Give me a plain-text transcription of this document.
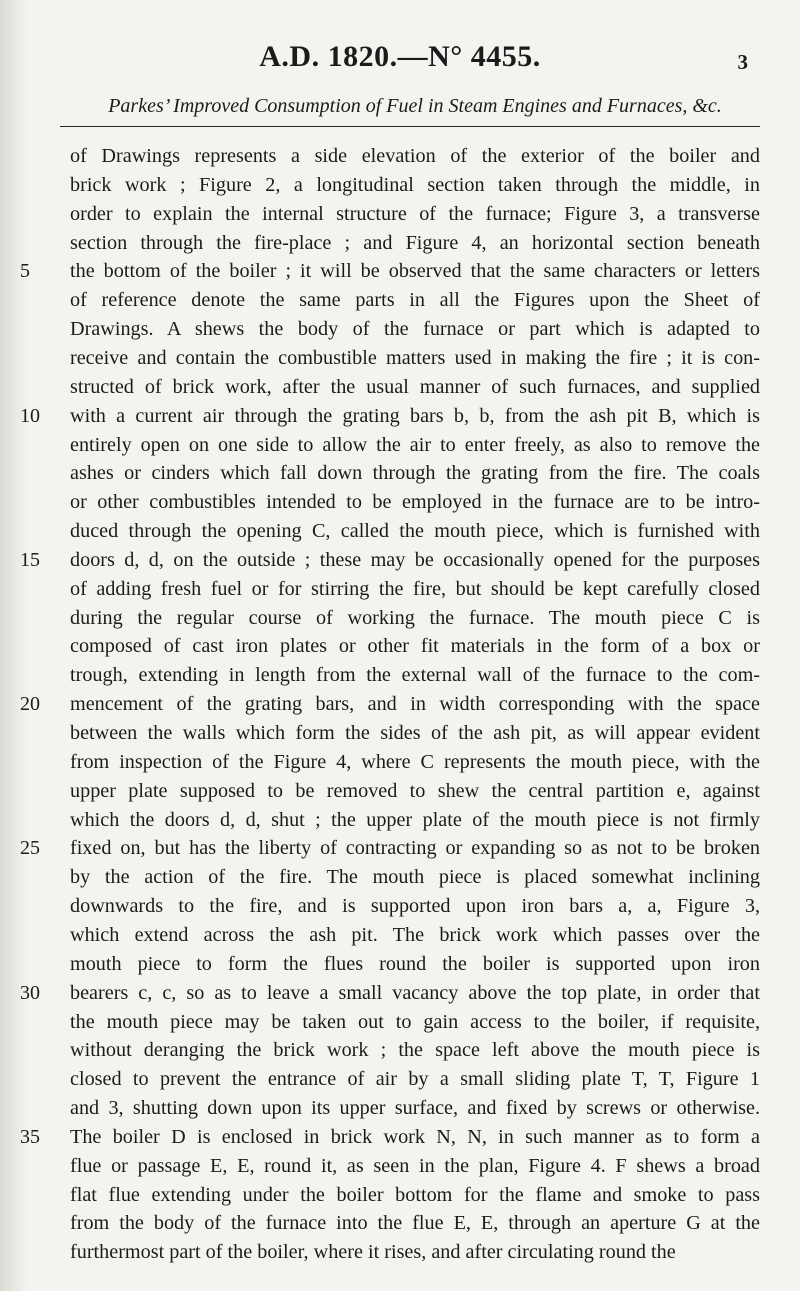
A.D. 1820.—N° 4455.	3
Parkes’ Improved Consumption of Fuel in Steam Engines and Furnaces, &c.
of Drawings represents a side elevation of the exterior of the boiler and
brick work ; Figure 2, a longitudinal section taken through the middle, in
order to explain the internal structure of the furnace; Figure 3, a transverse
section through the fire-place ; and Figure 4, an horizontal section beneath
the bottom of the boiler ; it will be observed that the same characters or letters
5
of reference denote the same parts in all the Figures upon the Sheet of
Drawings. A shews the body of the furnace or part which is adapted to
receive and contain the combustible matters used in making the fire ; it is con-
structed of brick work, after the usual manner of such furnaces, and supplied
with a current air through the grating bars b, b, from the ash pit B, which is
10
entirely open on one side to allow the air to enter freely, as also to remove the
ashes or cinders which fall down through the grating from the fire. The coals
or other combustibles intended to be employed in the furnace are to be intro-
duced through the opening C, called the mouth piece, which is furnished with
doors d, d, on the outside ; these may be occasionally opened for the purposes
15
of adding fresh fuel or for stirring the fire, but should be kept carefully closed
during the regular course of working the furnace. The mouth piece C is
composed of cast iron plates or other fit materials in the form of a box or
trough, extending in length from the external wall of the furnace to the com-
mencement of the grating bars, and in width corresponding with the space
20
between the walls which form the sides of the ash pit, as will appear evident
from inspection of the Figure 4, where C represents the mouth piece, with the
upper plate supposed to be removed to shew the central partition e, against
which the doors d, d, shut ; the upper plate of the mouth piece is not firmly
fixed on, but has the liberty of contracting or expanding so as not to be broken
25
by the action of the fire. The mouth piece is placed somewhat inclining
downwards to the fire, and is supported upon iron bars a, a, Figure 3,
which extend across the ash pit. The brick work which passes over the
mouth piece to form the flues round the boiler is supported upon iron
bearers c, c, so as to leave a small vacancy above the top plate, in order that
30
the mouth piece may be taken out to gain access to the boiler, if requisite,
without deranging the brick work ; the space left above the mouth piece is
closed to prevent the entrance of air by a small sliding plate T, T, Figure 1
and 3, shutting down upon its upper surface, and fixed by screws or otherwise.
The boiler D is enclosed in brick work N, N, in such manner as to form a
35
flue or passage E, E, round it, as seen in the plan, Figure 4. F shews a broad
flat flue extending under the boiler bottom for the flame and smoke to pass
from the body of the furnace into the flue E, E, through an aperture G at the
furthermost part of the boiler, where it rises, and after circulating round the
